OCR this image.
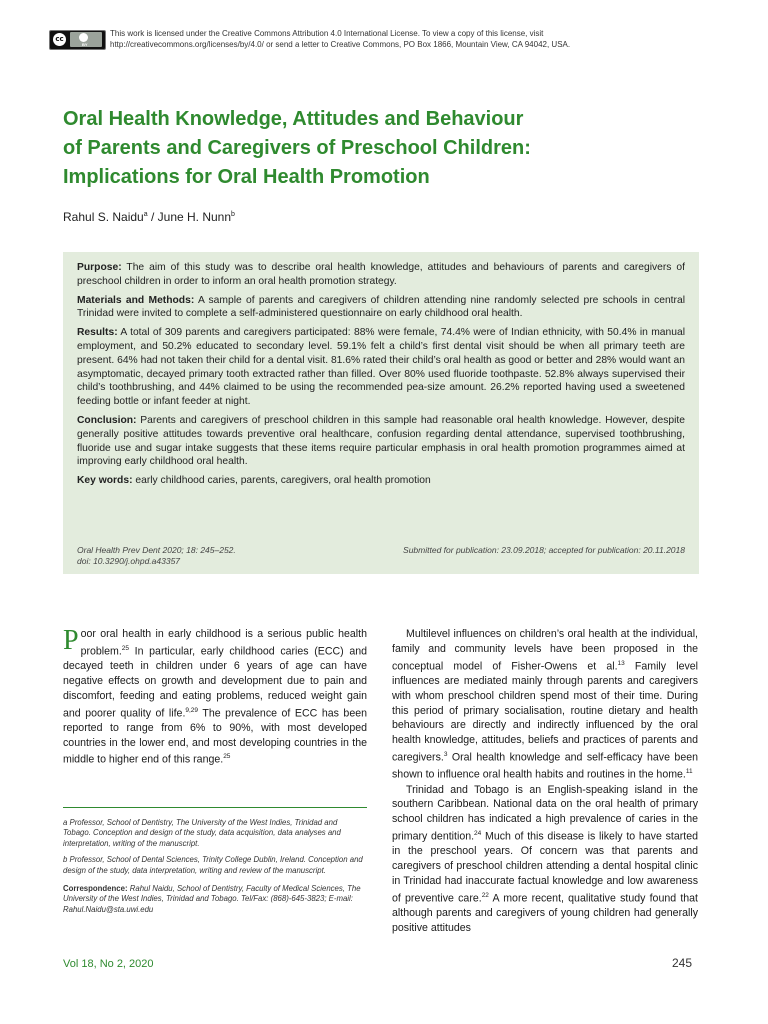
cc
BY
This work is licensed under the Creative Commons Attribution 4.0 International License. To view a copy of this license, visit
http://creativecommons.org/licenses/by/4.0/ or send a letter to Creative Commons, PO Box 1866, Mountain View, CA 94042, USA.
Oral Health Knowledge, Attitudes and Behaviour
of Parents and Caregivers of Preschool Children:
Implications for Oral Health Promotion
Rahul S. Naidu$^a$ / June H. Nunn$^b$

Purpose: The aim of this study was to describe oral health knowledge, attitudes and behaviours of parents and caregivers of preschool children in order to inform an oral health promotion strategy.

Materials and Methods: A sample of parents and caregivers of children attending nine randomly selected pre schools in central Trinidad were invited to complete a self-administered questionnaire on early childhood oral health.

Results: A total of 309 parents and caregivers participated: 88% were female, 74.4% were of Indian ethnicity, with 50.4% in manual employment, and 50.2% educated to secondary level. 59.1% felt a child’s first dental visit should be when all primary teeth are present. 64% had not taken their child for a dental visit. 81.6% rated their child’s oral health as good or better and 28% would want an asymptomatic, decayed primary tooth extracted rather than filled. Over 80% used fluoride toothpaste. 52.8% always supervised their child’s toothbrushing, and 44% claimed to be using the recommended pea-size amount. 26.2% reported having used a sweetened feeding bottle or infant feeder at night.

Conclusion: Parents and caregivers of preschool children in this sample had reasonable oral health knowledge. However, despite generally positive attitudes towards preventive oral healthcare, confusion regarding dental attendance, supervised toothbrushing, fluoride use and sugar intake suggests that these items require particular emphasis in oral health promotion programmes aimed at improving early childhood oral health.

Key words: early childhood caries, parents, caregivers, oral health promotion

Oral Health Prev Dent 2020; 18: 245–252.
doi: 10.3290/j.ohpd.a43357
Submitted for publication: 23.09.2018; accepted for publication: 20.11.2018

Poor oral health in early childhood is a serious public health problem.$^{25}$ In particular, early childhood caries (ECC) and decayed teeth in children under 6 years of age can have negative effects on growth and development due to pain and discomfort, feeding and eating problems, reduced weight gain and poorer quality of life.$^{9,29}$ The prevalence of ECC has been reported to range from 6% to 90%, with most developed countries in the lower end, and most developing countries in the middle to higher end of this range.$^{25}$

Multilevel influences on children’s oral health at the individual, family and community levels have been proposed in the conceptual model of Fisher-Owens et al.$^{13}$ Family level influences are mediated mainly through parents and caregivers with whom preschool children spend most of their time. During this period of primary socialisation, routine dietary and health behaviours are directly and indirectly influenced by the oral health knowledge, attitudes, beliefs and practices of parents and caregivers.$^3$ Oral health knowledge and self-efficacy have been shown to influence oral health habits and routines in the home.$^{11}$

Trinidad and Tobago is an English-speaking island in the southern Caribbean. National data on the oral health of primary school children has indicated a high prevalence of caries in the primary dentition.$^{24}$ Much of this disease is likely to have started in the preschool years. Of concern was that parents and caregivers of preschool children attending a dental hospital clinic in Trinidad had inaccurate factual knowledge and low awareness of preventive care.$^{22}$ A more recent, qualitative study found that although parents and caregivers of young children had generally positive attitudes

a Professor, School of Dentistry, The University of the West Indies, Trinidad and Tobago. Conception and design of the study, data acquisition, data analyses and interpretation, writing of the manuscript.
b Professor, School of Dental Sciences, Trinity College Dublin, Ireland. Conception and design of the study, data interpretation, writing and review of the manuscript.
Correspondence: Rahul Naidu, School of Dentistry, Faculty of Medical Sciences, The University of the West Indies, Trinidad and Tobago. Tel/Fax: (868)-645-3823; E-mail: Rahul.Naidu@sta.uwi.edu
Vol 18, No 2, 2020	245
